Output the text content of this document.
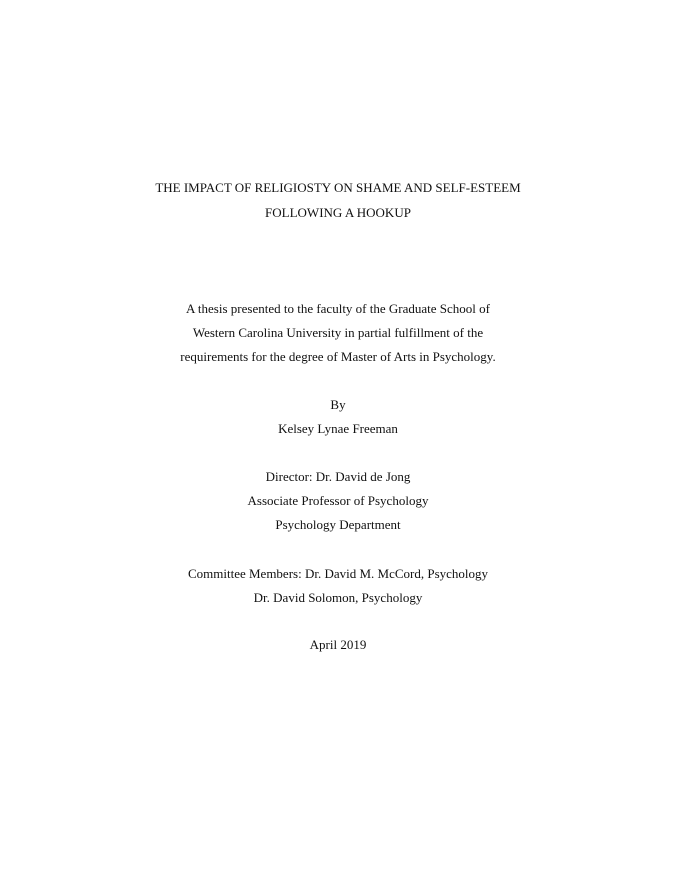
THE IMPACT OF RELIGIOSTY ON SHAME AND SELF-ESTEEM
FOLLOWING A HOOKUP
A thesis presented to the faculty of the Graduate School of
Western Carolina University in partial fulfillment of the
requirements for the degree of Master of Arts in Psychology.
By
Kelsey Lynae Freeman
Director: Dr. David de Jong
Associate Professor of Psychology
Psychology Department
Committee Members: Dr. David M. McCord, Psychology
Dr. David Solomon, Psychology
April 2019
